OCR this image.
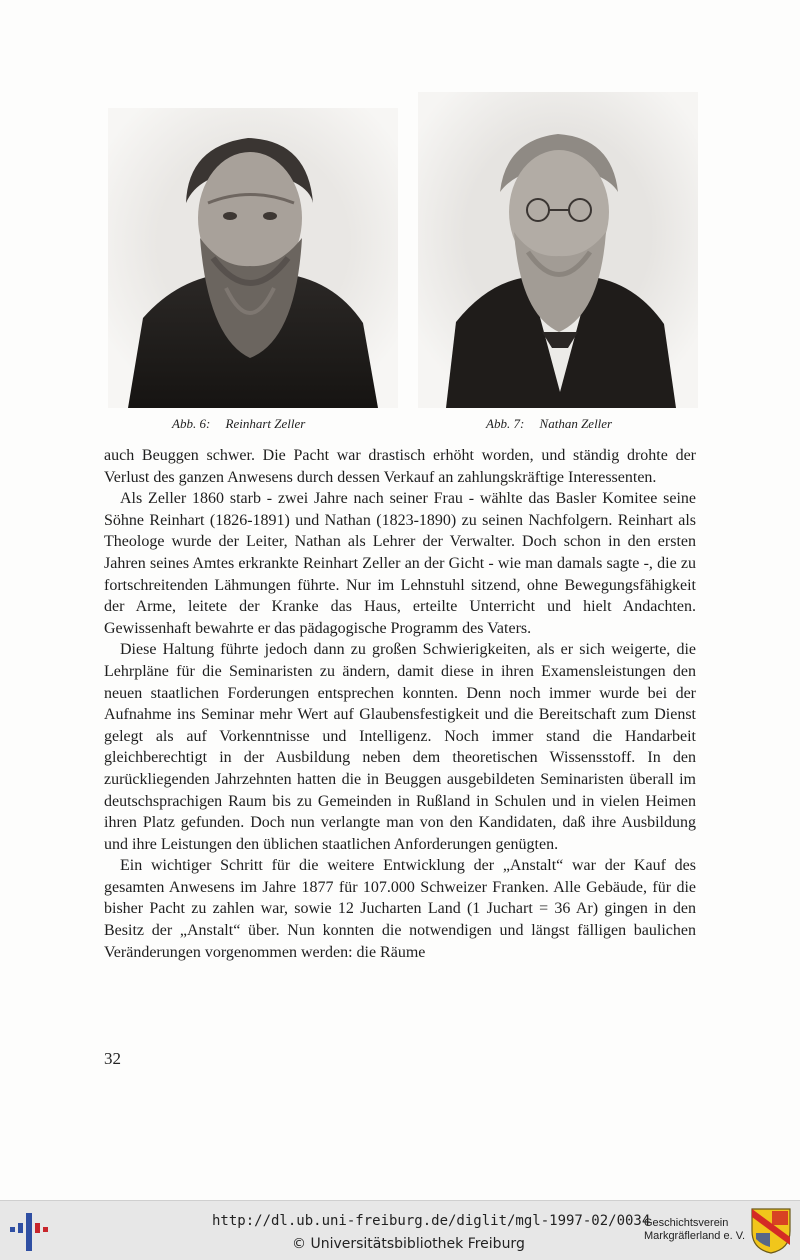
Abb. 6: Reinhart Zeller	Abb. 7: Nathan Zeller

auch Beuggen schwer. Die Pacht war drastisch erhöht worden, und ständig drohte der Verlust des ganzen Anwesens durch dessen Verkauf an zahlungskräftige Interessenten.

Als Zeller 1860 starb - zwei Jahre nach seiner Frau - wählte das Basler Komitee seine Söhne Reinhart (1826-1891) und Nathan (1823-1890) zu seinen Nachfolgern. Reinhart als Theologe wurde der Leiter, Nathan als Lehrer der Verwalter. Doch schon in den ersten Jahren seines Amtes erkrankte Reinhart Zeller an der Gicht - wie man damals sagte -, die zu fortschreitenden Lähmungen führte. Nur im Lehnstuhl sitzend, ohne Bewegungsfähigkeit der Arme, leitete der Kranke das Haus, erteilte Unterricht und hielt Andachten. Gewissenhaft bewahrte er das pädagogische Programm des Vaters.

Diese Haltung führte jedoch dann zu großen Schwierigkeiten, als er sich weigerte, die Lehrpläne für die Seminaristen zu ändern, damit diese in ihren Examensleistungen den neuen staatlichen Forderungen entsprechen konnten. Denn noch immer wurde bei der Aufnahme ins Seminar mehr Wert auf Glaubensfestigkeit und die Bereitschaft zum Dienst gelegt als auf Vorkenntnisse und Intelligenz. Noch immer stand die Handarbeit gleichberechtigt in der Ausbildung neben dem theoretischen Wissensstoff. In den zurückliegenden Jahrzehnten hatten die in Beuggen ausgebildeten Seminaristen überall im deutschsprachigen Raum bis zu Gemeinden in Rußland in Schulen und in vielen Heimen ihren Platz gefunden. Doch nun verlangte man von den Kandidaten, daß ihre Ausbildung und ihre Leistungen den üblichen staatlichen Anforderungen genügten.

Ein wichtiger Schritt für die weitere Entwicklung der „Anstalt“ war der Kauf des gesamten Anwesens im Jahre 1877 für 107.000 Schweizer Franken. Alle Gebäude, für die bisher Pacht zu zahlen war, sowie 12 Jucharten Land (1 Juchart = 36 Ar) gingen in den Besitz der „Anstalt“ über. Nun konnten die notwendigen und längst fälligen baulichen Veränderungen vorgenommen werden: die Räume

32
http://dl.ub.uni-freiburg.de/diglit/mgl-1997-02/0034
© Universitätsbibliothek Freiburg
Geschichtsverein
Markgräflerland e. V.
